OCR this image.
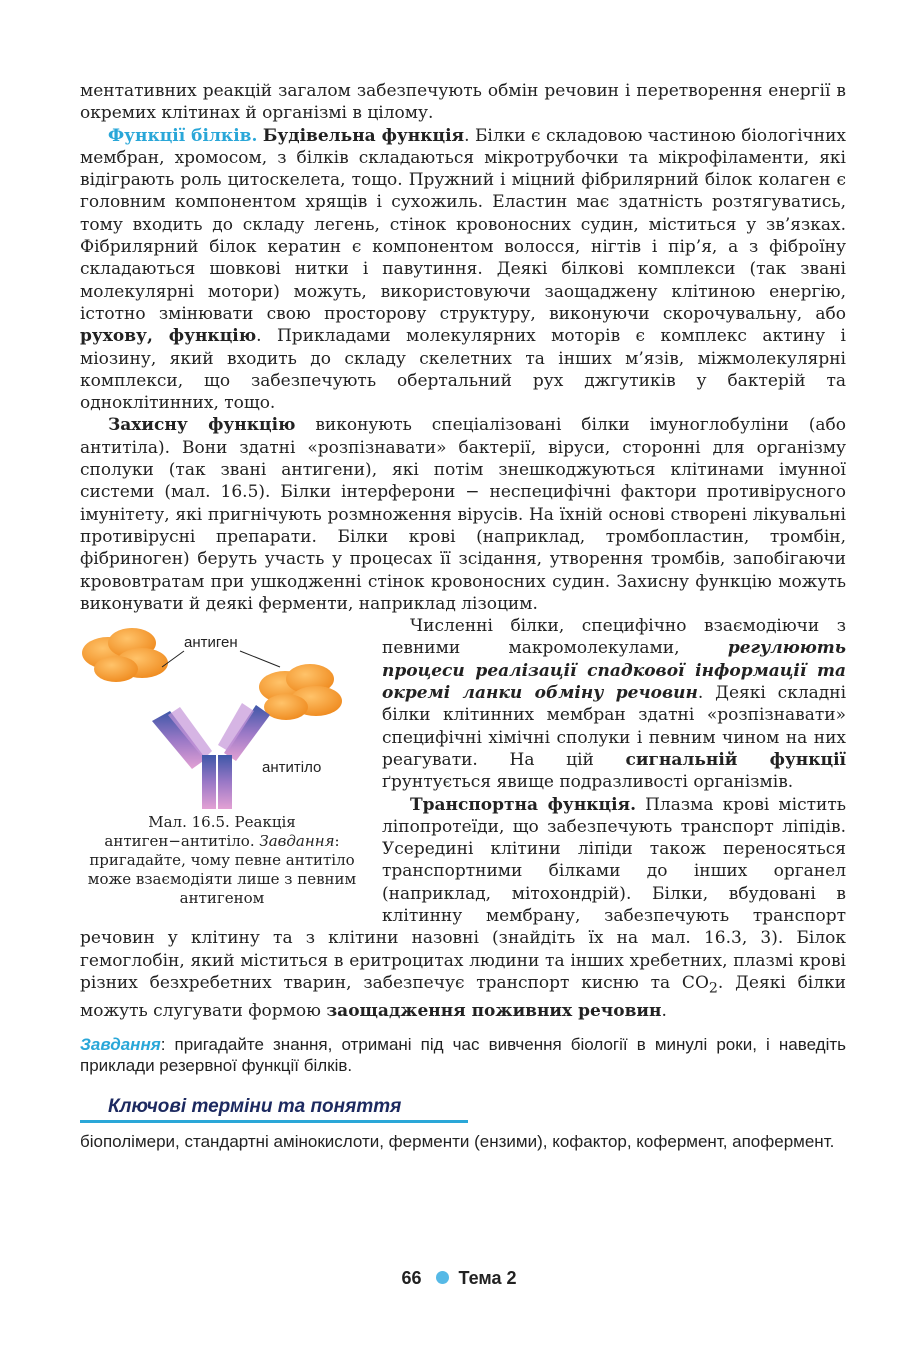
ментативних реакцій загалом забезпечують обмін речовин і перетворення енергії в окремих клітинах й організмі в цілому.

Функції білків. Будівельна функція. Білки є складовою частиною біологічних мембран, хромосом, з білків складаються мікротрубочки та мікрофіламенти, які відіграють роль цитоскелета, тощо. Пружний і міцний фібрилярний білок колаген є головним компонентом хрящів і сухожиль. Еластин має здатність розтягуватись, тому входить до складу легень, стінок кровоносних судин, міститься у зв’язках. Фібрилярний білок кератин є компонентом волосся, нігтів і пір’я, а з фіброїну складаються шовкові нитки і павутиння. Деякі білкові комплекси (так звані молекулярні мотори) можуть, використовуючи заощаджену клітиною енергію, істотно змінювати свою просторову структуру, виконуючи скорочувальну, або рухову, функцію. Прикладами молекулярних моторів є комплекс актину і міозину, який входить до складу скелетних та інших м’язів, міжмолекулярні комплекси, що забезпечують обертальний рух джгутиків у бактерій та одноклітинних, тощо.

Захисну функцію виконують спеціалізовані білки імуноглобуліни (або антитіла). Вони здатні «розпізнавати» бактерії, віруси, сторонні для організму сполуки (так звані антигени), які потім знешкоджуються клітинами імунної системи (мал. 16.5). Білки інтерферони − неспецифічні фактори противірусного імунітету, які пригнічують розмноження вірусів. На їхній основі створені лікувальні противірусні препарати. Білки крові (наприклад, тромбопластин, тромбін, фібриноген) беруть участь у процесах її зсідання, утворення тромбів, запобігаючи крововтратам при ушкодженні стінок кровоносних судин. Захисну функцію можуть виконувати й деякі ферменти, наприклад лізоцим.

антиген
антитіло
Мал. 16.5. Реакція антиген−антитіло. Завдання: пригадайте, чому певне антитіло може взаємодіяти лише з певним антигеном

Численні білки, специфічно взаємодіючи з певними макромолекулами, регулюють процеси реалізації спадкової інформації та окремі ланки обміну речовин. Деякі складні білки клітинних мембран здатні «розпізнавати» специфічні хімічні сполуки і певним чином на них реагувати. На цій сигнальній функції ґрунтується явище подразливості організмів.

Транспортна функція. Плазма крові містить ліпопротеїди, що забезпечують транспорт ліпідів. Усередині клітини ліпіди також переносяться транспортними білками до інших органел (наприклад, мітохондрій). Білки, вбудовані в клітинну мембрану, забезпечують транспорт речовин у клітину та з клітини назовні (знайдіть їх на мал. 16.3, 3). Білок гемоглобін, який міститься в еритроцитах людини та інших хребетних, плазмі крові різних безхребетних тварин, забезпечує транспорт кисню та $CO_2$. Деякі білки можуть слугувати формою заощадження поживних речовин.

Завдання: пригадайте знання, отримані під час вивчення біології в минулі роки, і наведіть приклади резервної функції білків.

Ключові терміни та поняття

біополімери, стандартні амінокислоти, ферменти (ензими), кофактор, кофермент, апофермент.

66 Тема 2
